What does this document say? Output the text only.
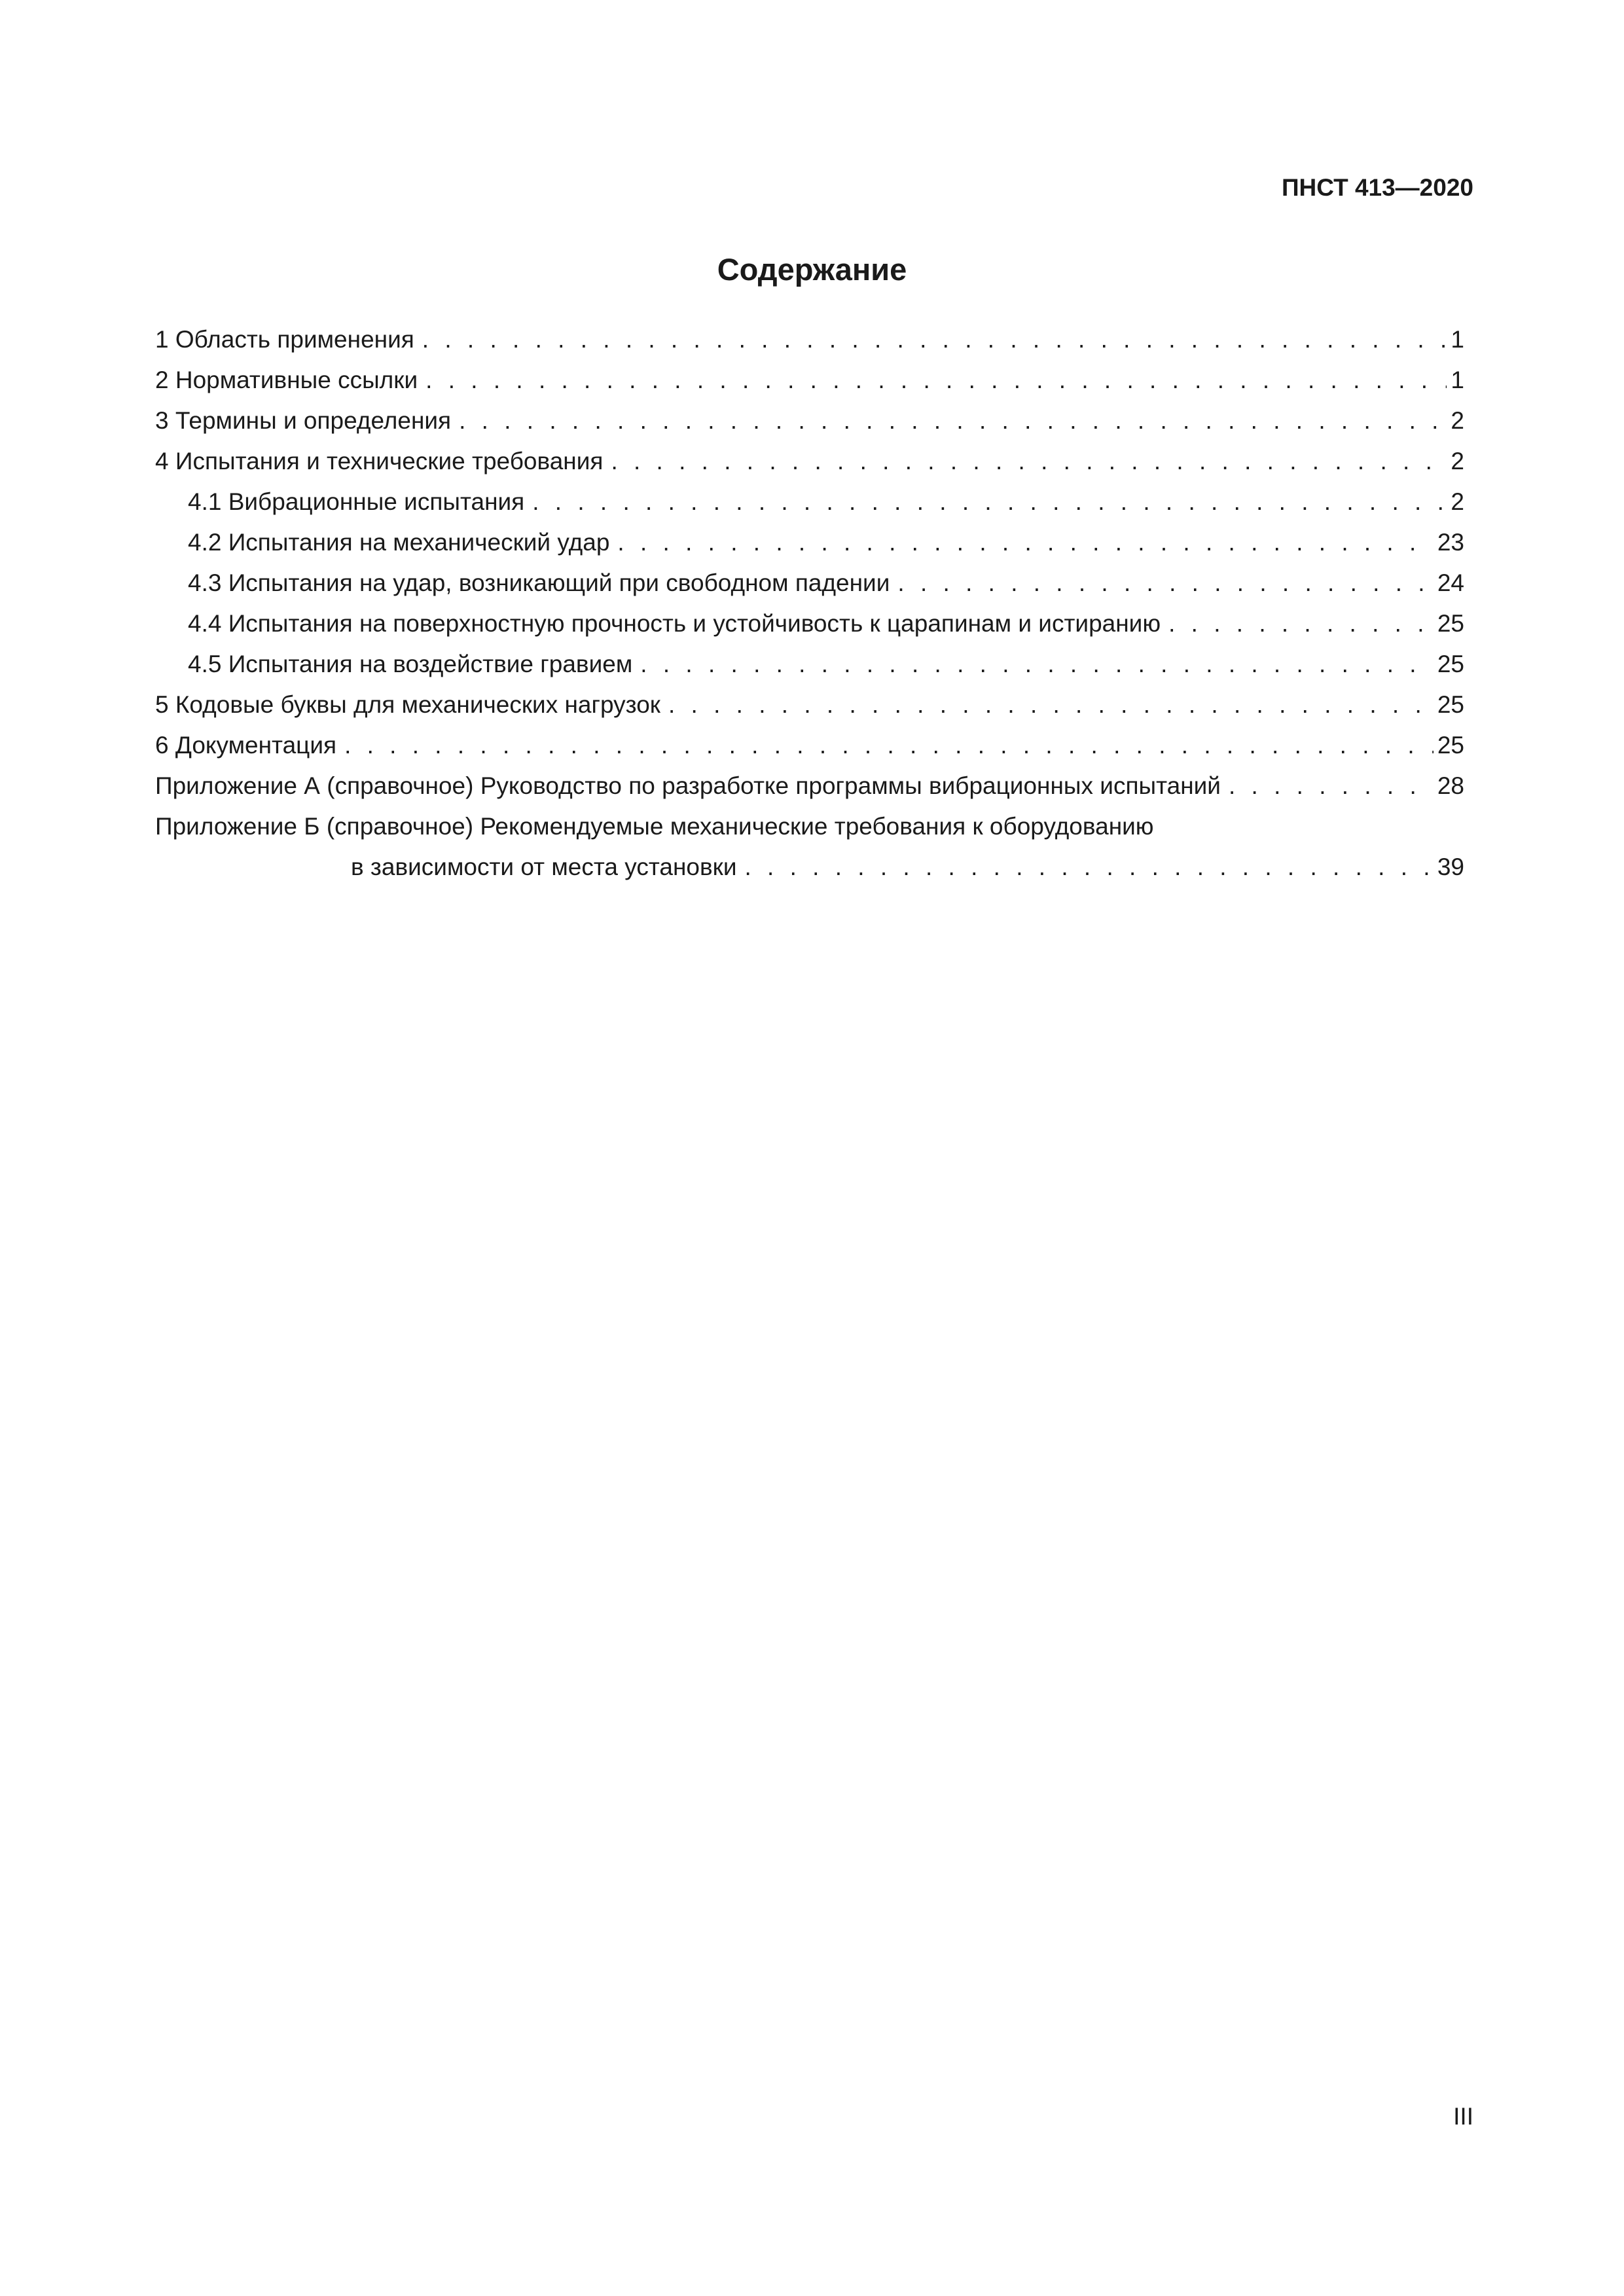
ПНСТ 413—2020
Содержание
1 Область применения . . .	1
2 Нормативные ссылки . . .	1
3 Термины и определения . . .	2
4 Испытания и технические требования . . .	2
4.1 Вибрационные испытания . . .	2
4.2 Испытания на механический удар . . .	23
4.3 Испытания на удар, возникающий при свободном падении . . .	24
4.4 Испытания на поверхностную прочность и устойчивость к царапинам и истиранию . . .	25
4.5 Испытания на воздействие гравием . . .	25
5 Кодовые буквы для механических нагрузок . . .	25
6 Документация . . .	25
Приложение А (справочное) Руководство по разработке программы вибрационных испытаний . . .	28
Приложение Б (справочное) Рекомендуемые механические требования к оборудованию
в зависимости от места установки . . .	39
III
